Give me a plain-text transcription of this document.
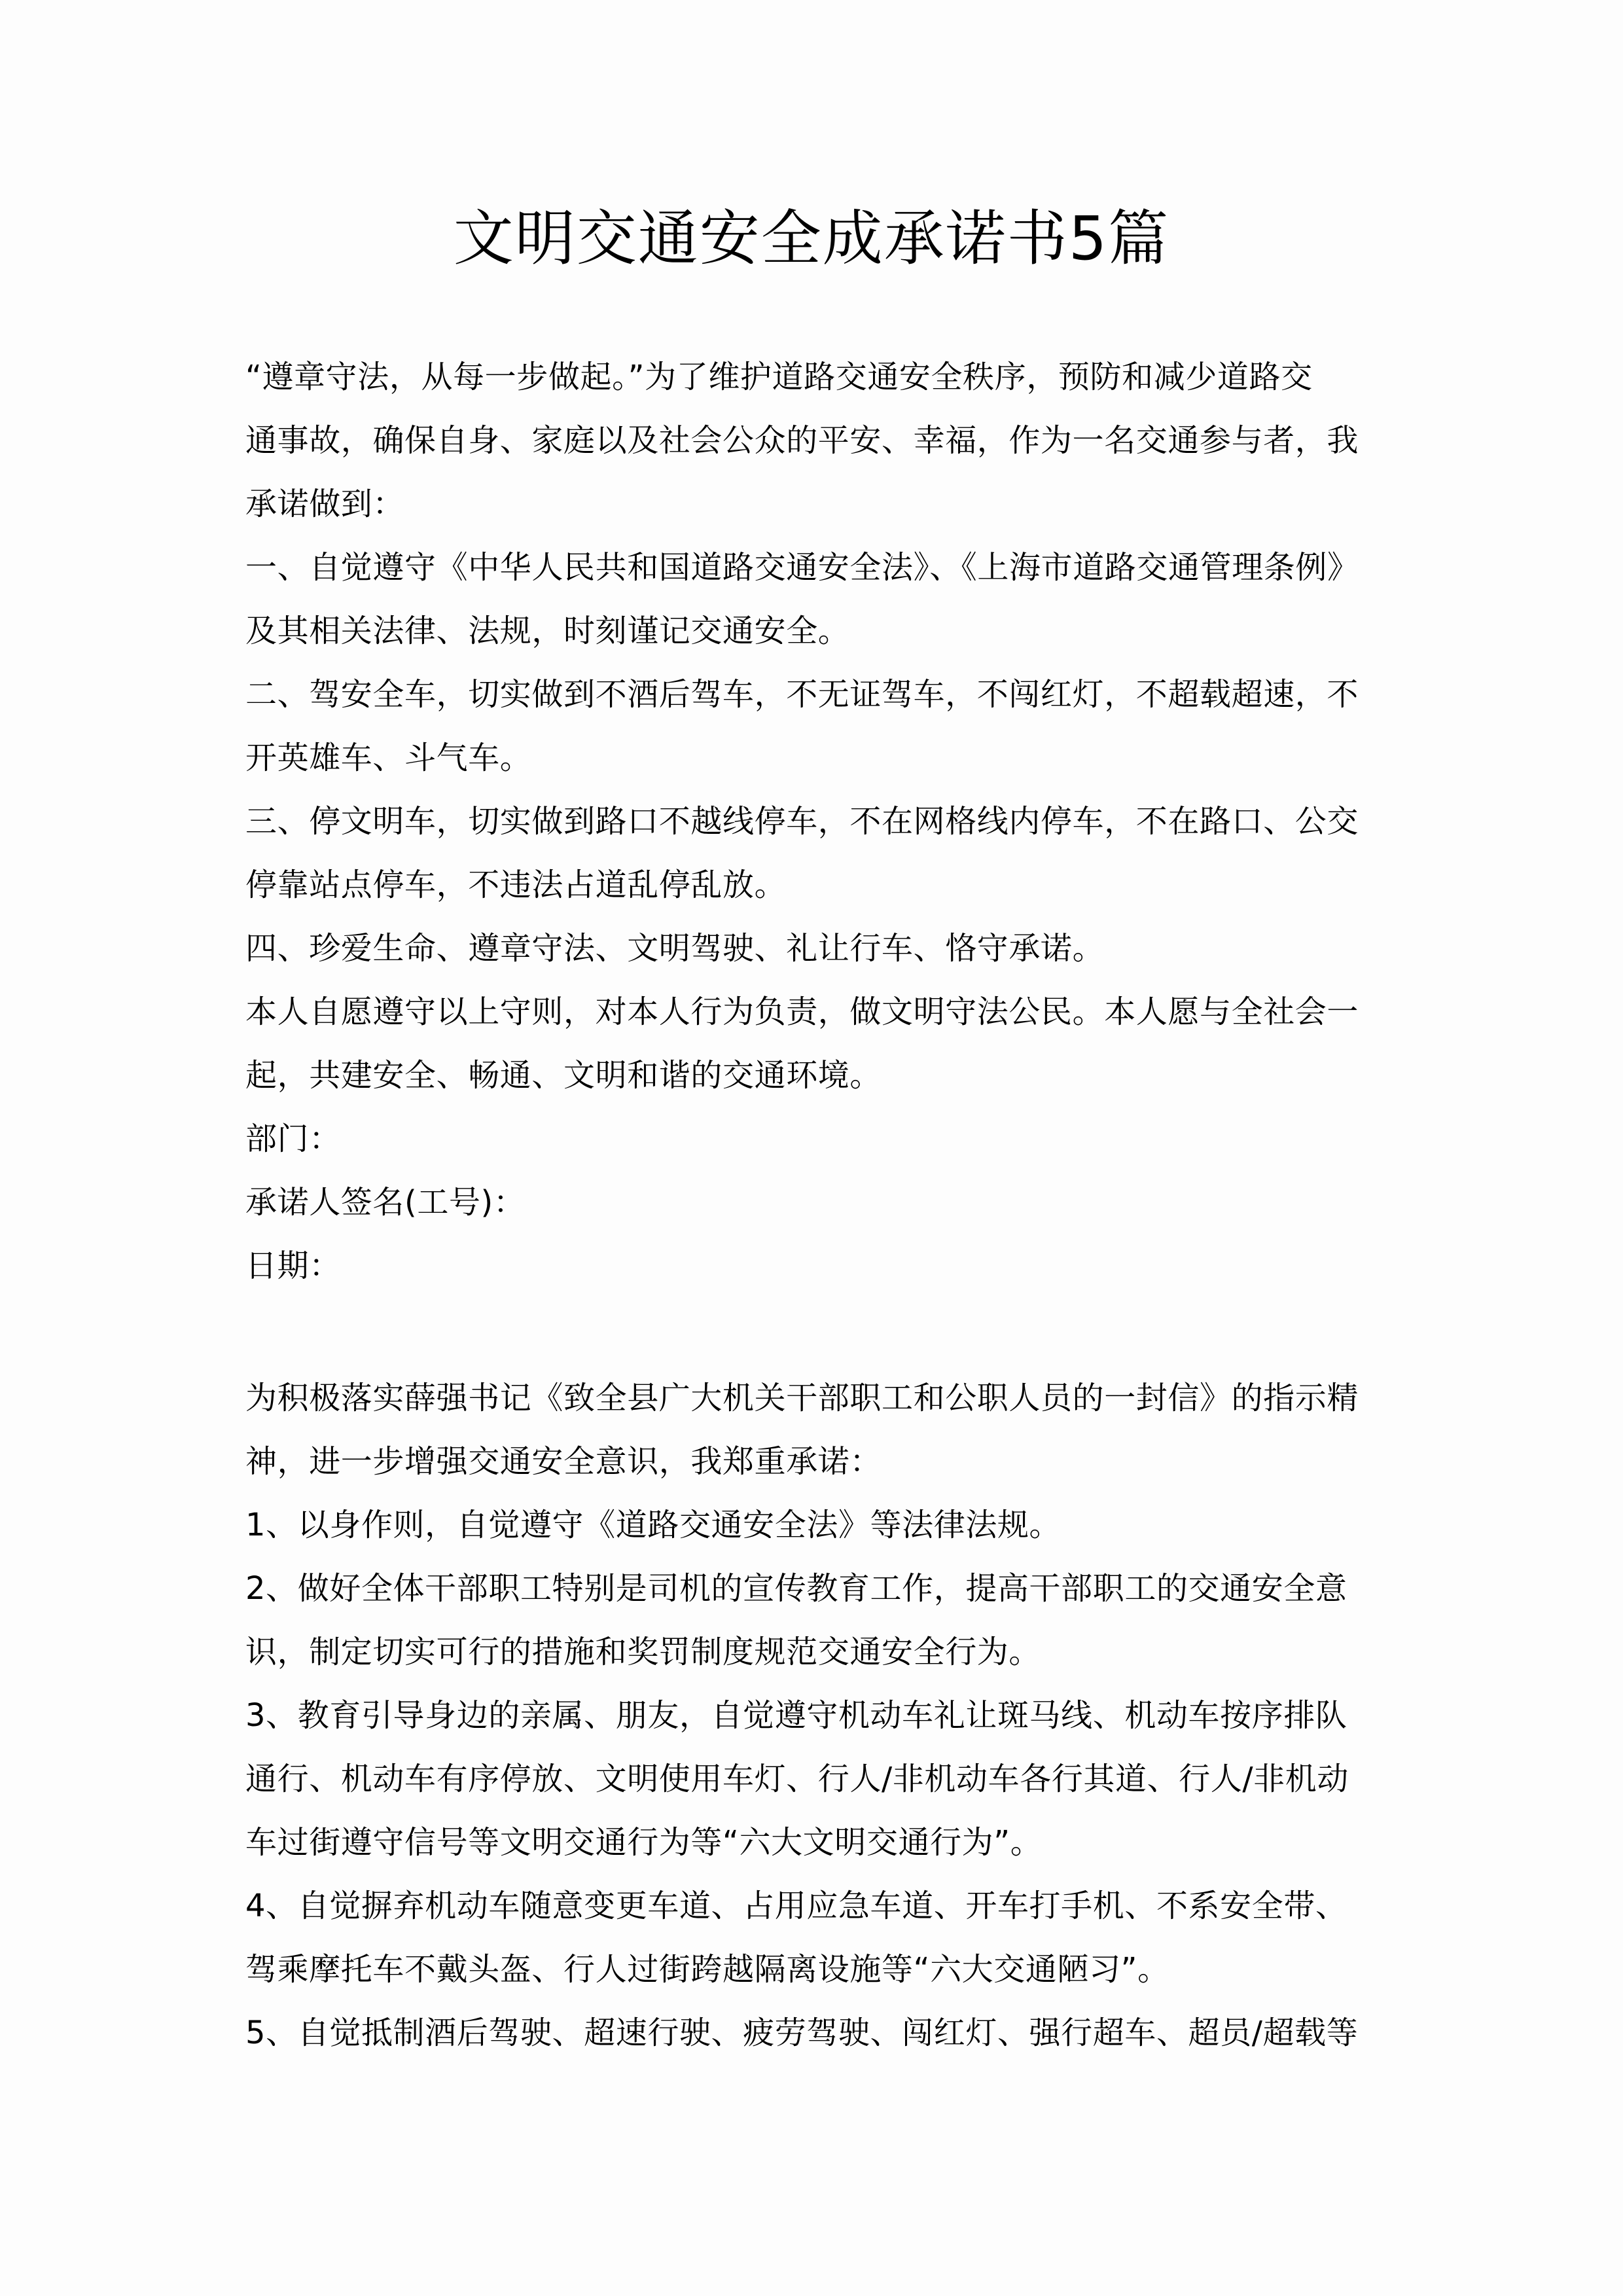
文明交通安全成承诺书5篇
“遵章守法，从每一步做起。”为了维护道路交通安全秩序，预防和减少道路交
通事故，确保自身、家庭以及社会公众的平安、幸福，作为一名交通参与者，我
承诺做到：
一、自觉遵守《中华人民共和国道路交通安全法》、《上海市道路交通管理条例》
及其相关法律、法规，时刻谨记交通安全。
二、驾安全车，切实做到不酒后驾车，不无证驾车，不闯红灯，不超载超速，不
开英雄车、斗气车。
三、停文明车，切实做到路口不越线停车，不在网格线内停车，不在路口、公交
停靠站点停车，不违法占道乱停乱放。
四、珍爱生命、遵章守法、文明驾驶、礼让行车、恪守承诺。
本人自愿遵守以上守则，对本人行为负责，做文明守法公民。本人愿与全社会一
起，共建安全、畅通、文明和谐的交通环境。
部门：
承诺人签名(工号)：
日期：
为积极落实薛强书记《致全县广大机关干部职工和公职人员的一封信》的指示精
神，进一步增强交通安全意识，我郑重承诺：
1、以身作则，自觉遵守《道路交通安全法》等法律法规。
2、做好全体干部职工特别是司机的宣传教育工作，提高干部职工的交通安全意
识，制定切实可行的措施和奖罚制度规范交通安全行为。
3、教育引导身边的亲属、朋友，自觉遵守机动车礼让斑马线、机动车按序排队
通行、机动车有序停放、文明使用车灯、行人/非机动车各行其道、行人/非机动
车过街遵守信号等文明交通行为等“六大文明交通行为”。
4、自觉摒弃机动车随意变更车道、占用应急车道、开车打手机、不系安全带、
驾乘摩托车不戴头盔、行人过街跨越隔离设施等“六大交通陋习”。
5、自觉抵制酒后驾驶、超速行驶、疲劳驾驶、闯红灯、强行超车、超员/超载等
